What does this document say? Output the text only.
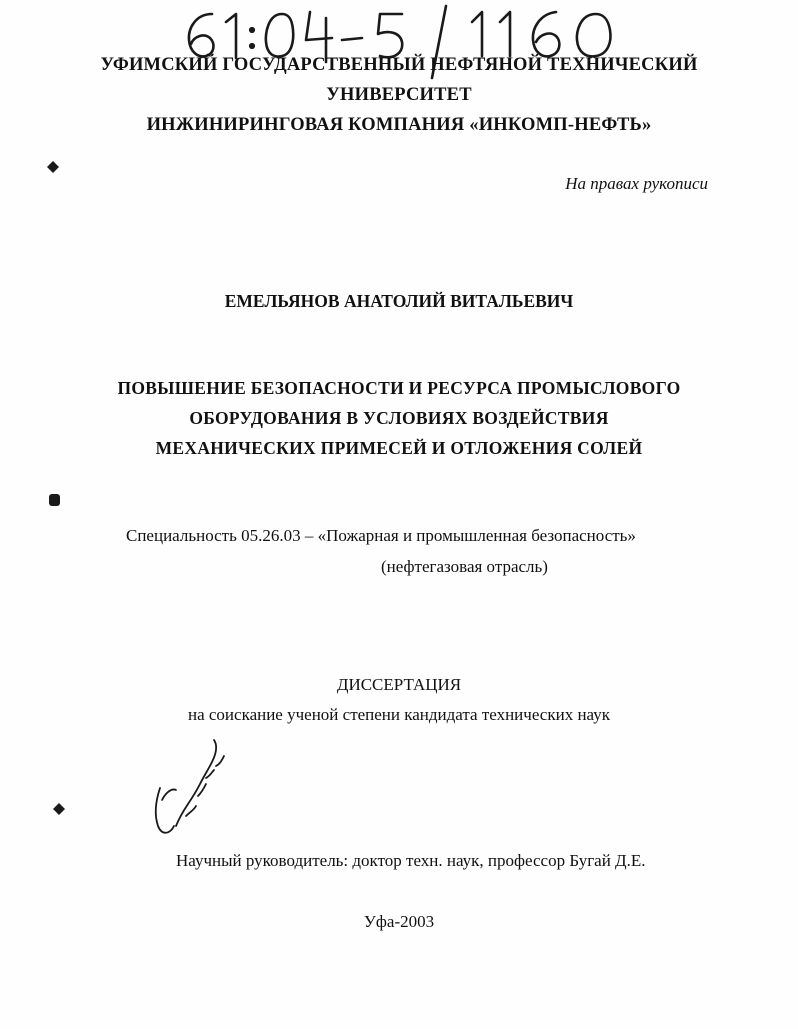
УФИМСКИЙ ГОСУДАРСТВЕННЫЙ НЕФТЯНОЙ ТЕХНИЧЕСКИЙ
УНИВЕРСИТЕТ
ИНЖИНИРИНГОВАЯ КОМПАНИЯ «ИНКОМП-НЕФТЬ»
На правах рукописи
ЕМЕЛЬЯНОВ АНАТОЛИЙ ВИТАЛЬЕВИЧ
ПОВЫШЕНИЕ БЕЗОПАСНОСТИ И РЕСУРСА ПРОМЫСЛОВОГО
ОБОРУДОВАНИЯ В УСЛОВИЯХ ВОЗДЕЙСТВИЯ
МЕХАНИЧЕСКИХ ПРИМЕСЕЙ И ОТЛОЖЕНИЯ СОЛЕЙ
Специальность 05.26.03 – «Пожарная и промышленная безопасность»
(нефтегазовая отрасль)
ДИССЕРТАЦИЯ
на соискание ученой степени кандидата технических наук
Научный руководитель: доктор техн. наук, профессор Бугай Д.Е.
Уфа-2003
